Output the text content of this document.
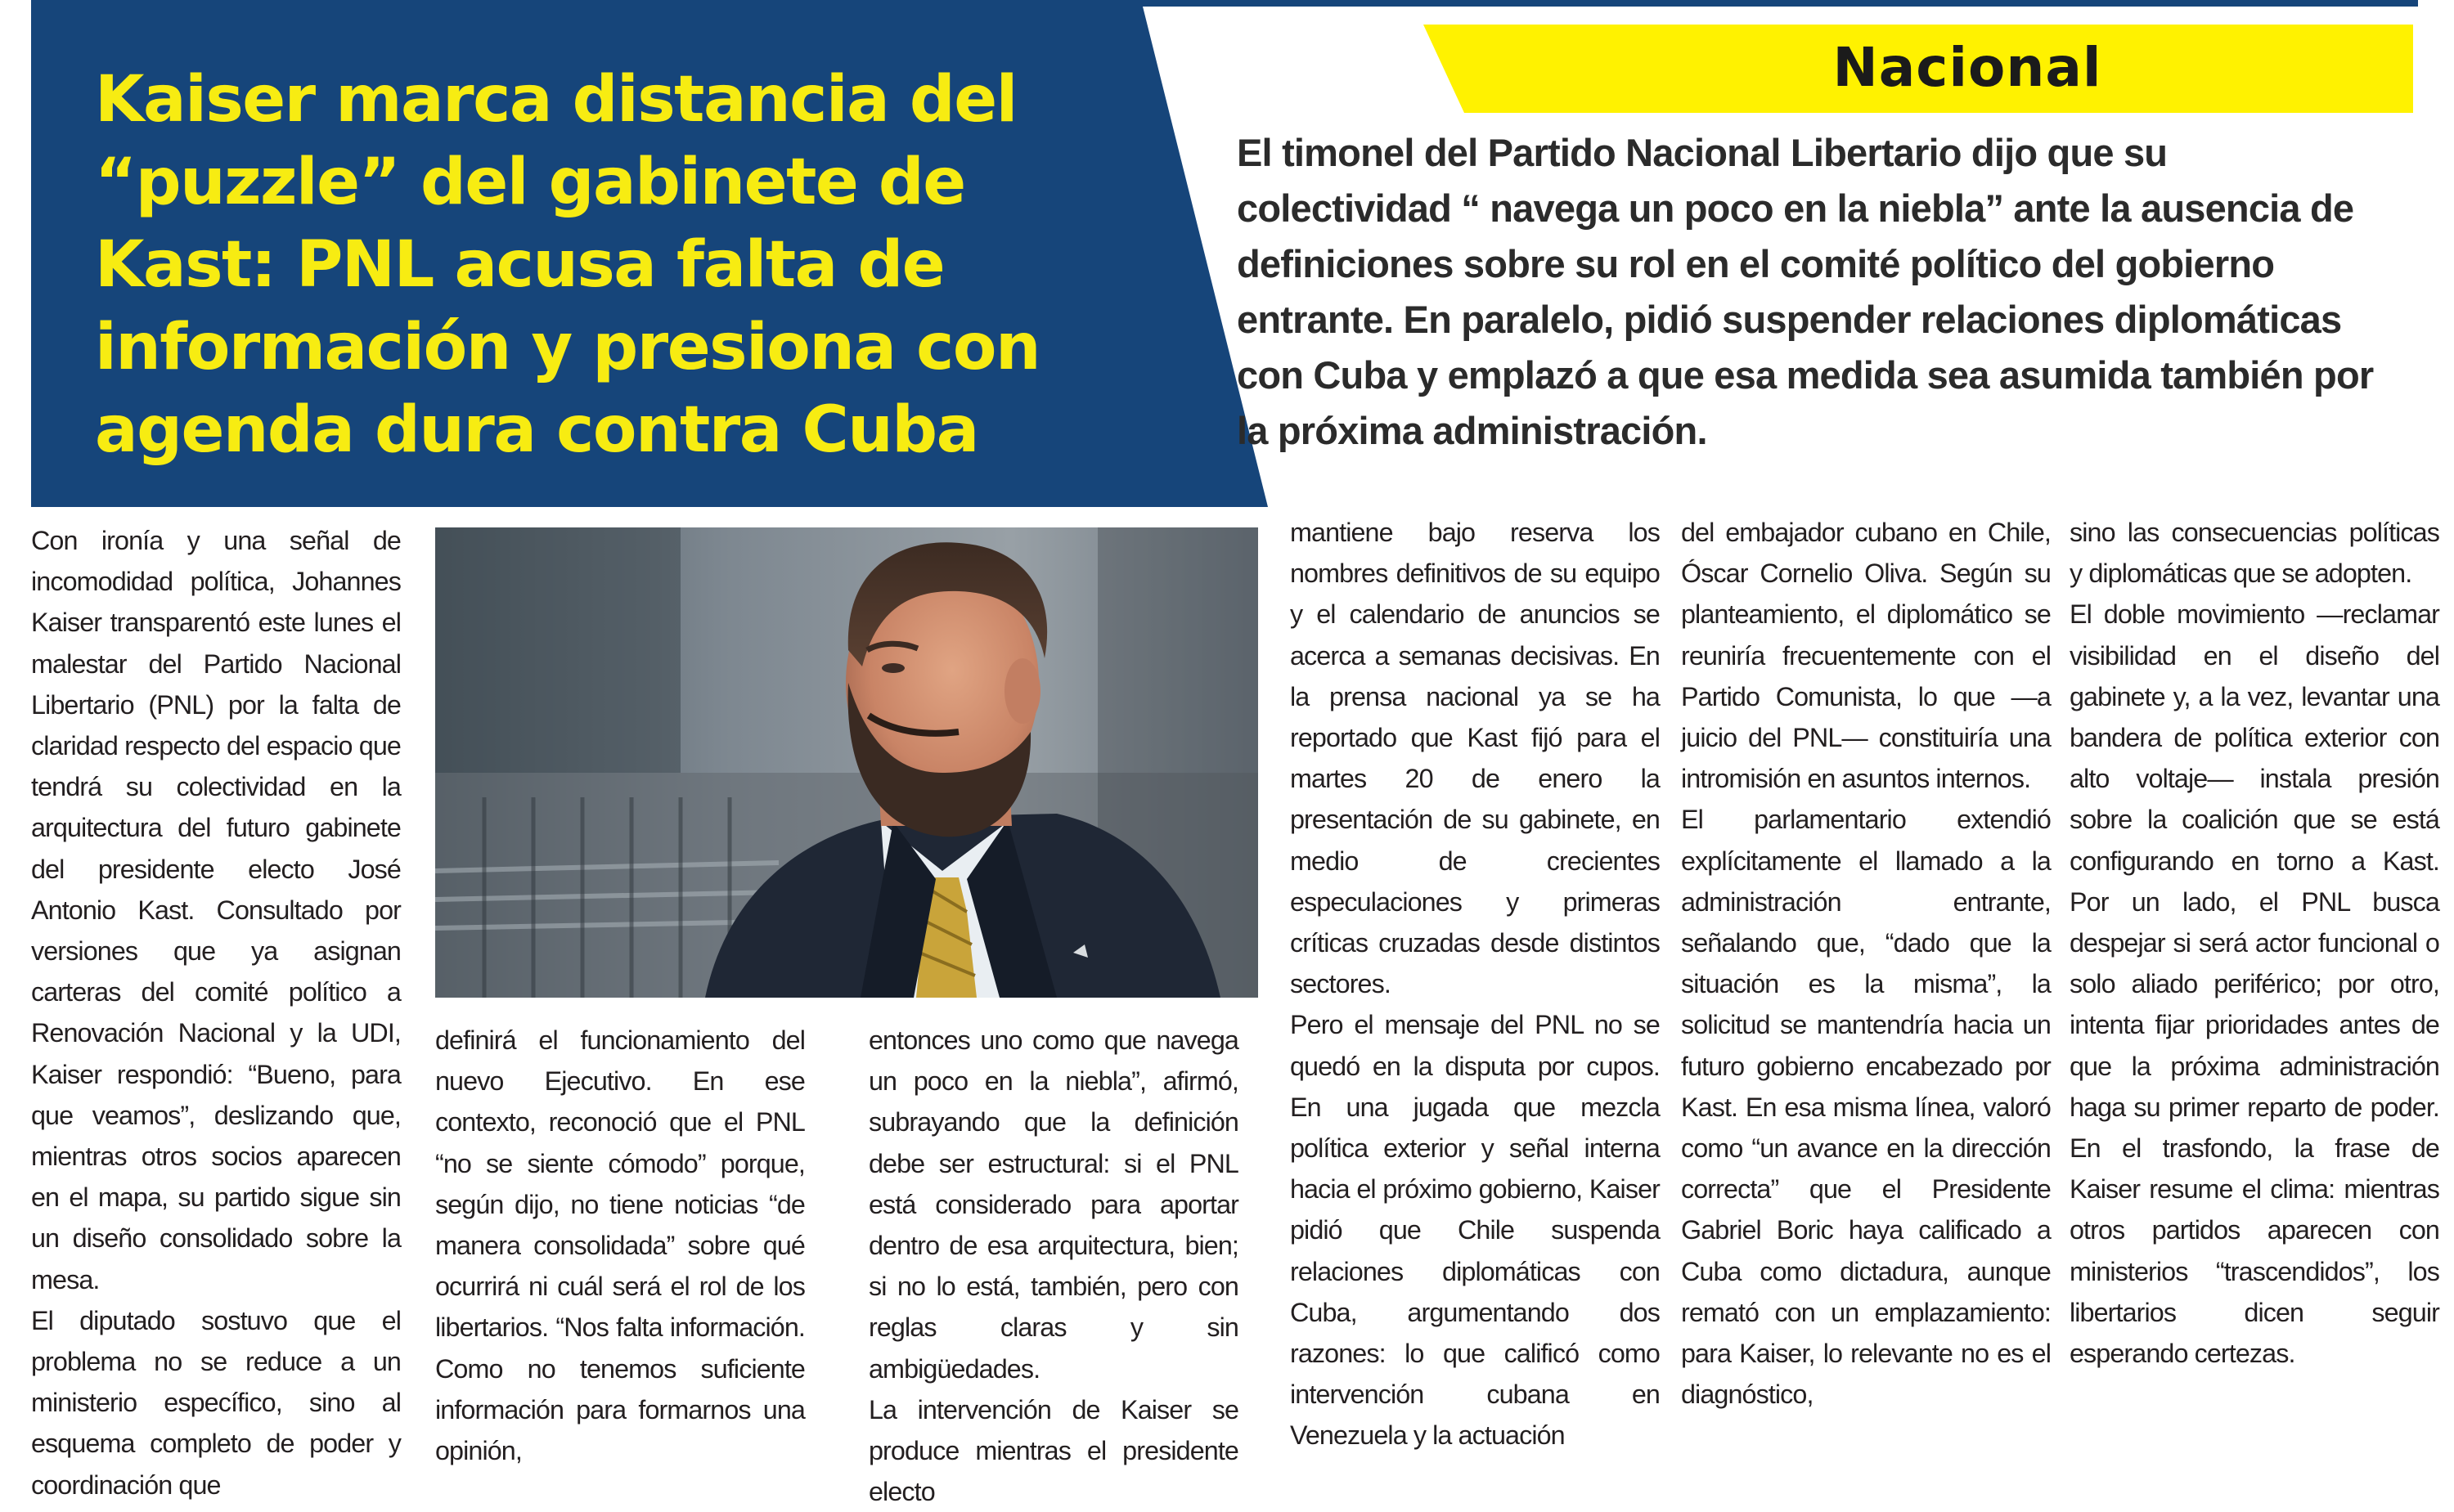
Kaiser marca distancia del “puzzle” del gabinete de Kast: PNL acusa falta de información y presiona con agenda dura contra Cuba
Nacional

El timonel del Partido Nacional Libertario dijo que su colectividad “ navega un poco en la niebla” ante la ausencia de definiciones sobre su rol en el comité político del gobierno entrante. En paralelo, pidió suspender relaciones diplomáticas con Cuba y emplazó a que esa medida sea asumida también por la próxima administración.

Con ironía y una señal de incomodidad política, Johannes Kaiser transparentó este lunes el malestar del Partido Nacional Libertario (PNL) por la falta de claridad respecto del espacio que tendrá su colectividad en la arquitectura del futuro gabinete del presidente electo José Antonio Kast. Consultado por versiones que ya asignan carteras del comité político a Renovación Nacional y la UDI, Kaiser respondió: “Bueno, para que veamos”, deslizando que, mientras otros socios aparecen en el mapa, su partido sigue sin un diseño consolidado sobre la mesa.

El diputado sostuvo que el problema no se reduce a un ministerio específico, sino al esquema completo de poder y coordinación que

definirá el funcionamiento del nuevo Ejecutivo. En ese contexto, reconoció que el PNL “no se siente cómodo” porque, según dijo, no tiene noticias “de manera consolidada” sobre qué ocurrirá ni cuál será el rol de los libertarios. “Nos falta información. Como no tenemos suficiente información para formarnos una opinión,

entonces uno como que navega un poco en la niebla”, afirmó, subrayando que la definición debe ser estructural: si el PNL está considerado para aportar dentro de esa arquitectura, bien; si no lo está, también, pero con reglas claras y sin ambigüedades.

La intervención de Kaiser se produce mientras el presidente electo

mantiene bajo reserva los nombres definitivos de su equipo y el calendario de anuncios se acerca a semanas decisivas. En la prensa nacional ya se ha reportado que Kast fijó para el martes 20 de enero la presentación de su gabinete, en medio de crecientes especulaciones y primeras críticas cruzadas desde distintos sectores.

Pero el mensaje del PNL no se quedó en la disputa por cupos. En una jugada que mezcla política exterior y señal interna hacia el próximo gobierno, Kaiser pidió que Chile suspenda relaciones diplomáticas con Cuba, argumentando dos razones: lo que calificó como intervención cubana en Venezuela y la actuación

del embajador cubano en Chile, Óscar Cornelio Oliva. Según su planteamiento, el diplomático se reuniría frecuentemente con el Partido Comunista, lo que —a juicio del PNL— constituiría una intromisión en asuntos internos.

El parlamentario extendió explícitamente el llamado a la administración entrante, señalando que, “dado que la situación es la misma”, la solicitud se mantendría hacia un futuro gobierno encabezado por Kast. En esa misma línea, valoró como “un avance en la dirección correcta” que el Presidente Gabriel Boric haya calificado a Cuba como dictadura, aunque remató con un emplazamiento: para Kaiser, lo relevante no es el diagnóstico,

sino las consecuencias políticas y diplomáticas que se adopten.

El doble movimiento —reclamar visibilidad en el diseño del gabinete y, a la vez, levantar una bandera de política exterior con alto voltaje— instala presión sobre la coalición que se está configurando en torno a Kast. Por un lado, el PNL busca despejar si será actor funcional o solo aliado periférico; por otro, intenta fijar prioridades antes de que la próxima administración haga su primer reparto de poder. En el trasfondo, la frase de Kaiser resume el clima: mientras otros partidos aparecen con ministerios “trascendidos”, los libertarios dicen seguir esperando certezas.
